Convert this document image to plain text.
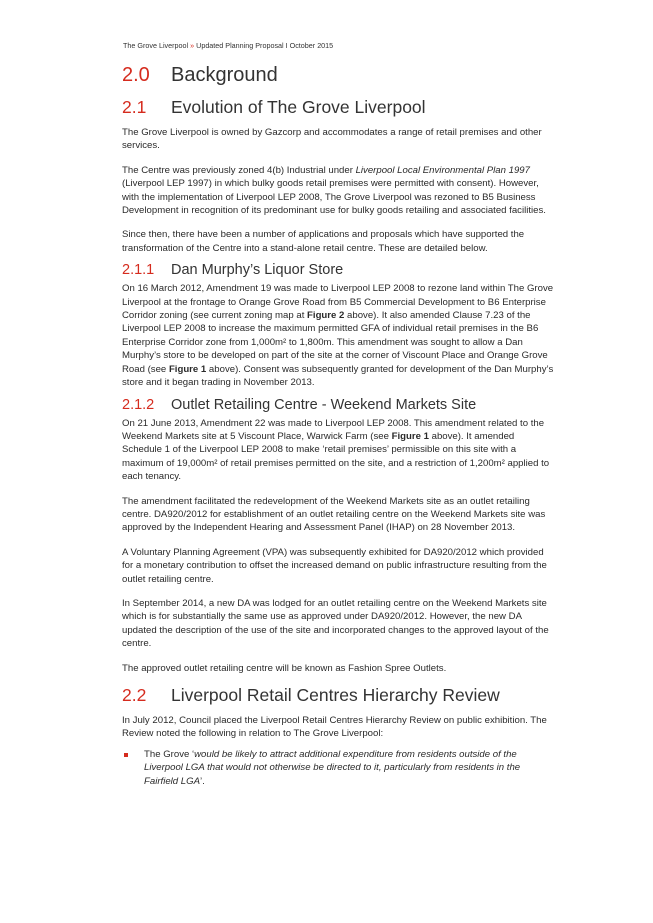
The Grove Liverpool » Updated Planning Proposal I October 2015
2.0	Background
2.1	Evolution of The Grove Liverpool

The Grove Liverpool is owned by Gazcorp and accommodates a range of retail premises and other services.

The Centre was previously zoned 4(b) Industrial under Liverpool Local Environmental Plan 1997 (Liverpool LEP 1997) in which bulky goods retail premises were permitted with consent). However, with the implementation of Liverpool LEP 2008, The Grove Liverpool was rezoned to B5 Business Development in recognition of its predominant use for bulky goods retailing and associated facilities.

Since then, there have been a number of applications and proposals which have supported the transformation of the Centre into a stand-alone retail centre. These are detailed below.

2.1.1	Dan Murphy’s Liquor Store

On 16 March 2012, Amendment 19 was made to Liverpool LEP 2008 to rezone land within The Grove Liverpool at the frontage to Orange Grove Road from B5 Commercial Development to B6 Enterprise Corridor zoning (see current zoning map at Figure 2 above). It also amended Clause 7.23 of the Liverpool LEP 2008 to increase the maximum permitted GFA of individual retail premises in the B6 Enterprise Corridor zone from 1,000m² to 1,800m. This amendment was sought to allow a Dan Murphy’s store to be developed on part of the site at the corner of Viscount Place and Orange Grove Road (see Figure 1 above). Consent was subsequently granted for development of the Dan Murphy’s store and it began trading in November 2013.

2.1.2	Outlet Retailing Centre - Weekend Markets Site

On 21 June 2013, Amendment 22 was made to Liverpool LEP 2008. This amendment related to the Weekend Markets site at 5 Viscount Place, Warwick Farm (see Figure 1 above). It amended Schedule 1 of the Liverpool LEP 2008 to make ‘retail premises’ permissible on this site with a maximum of 19,000m² of retail premises permitted on the site, and a restriction of 1,200m² applied to each tenancy.

The amendment facilitated the redevelopment of the Weekend Markets site as an outlet retailing centre. DA920/2012 for establishment of an outlet retailing centre on the Weekend Markets site was approved by the Independent Hearing and Assessment Panel (IHAP) on 28 November 2013.

A Voluntary Planning Agreement (VPA) was subsequently exhibited for DA920/2012 which provided for a monetary contribution to offset the increased demand on public infrastructure resulting from the outlet retailing centre.

In September 2014, a new DA was lodged for an outlet retailing centre on the Weekend Markets site which is for substantially the same use as approved under DA920/2012. However, the new DA updated the description of the use of the site and incorporated changes to the approved layout of the centre.

The approved outlet retailing centre will be known as Fashion Spree Outlets.

2.2	Liverpool Retail Centres Hierarchy Review

In July 2012, Council placed the Liverpool Retail Centres Hierarchy Review on public exhibition. The Review noted the following in relation to The Grove Liverpool:

The Grove ‘would be likely to attract additional expenditure from residents outside of the Liverpool LGA that would not otherwise be directed to it, particularly from residents in the Fairfield LGA’.
